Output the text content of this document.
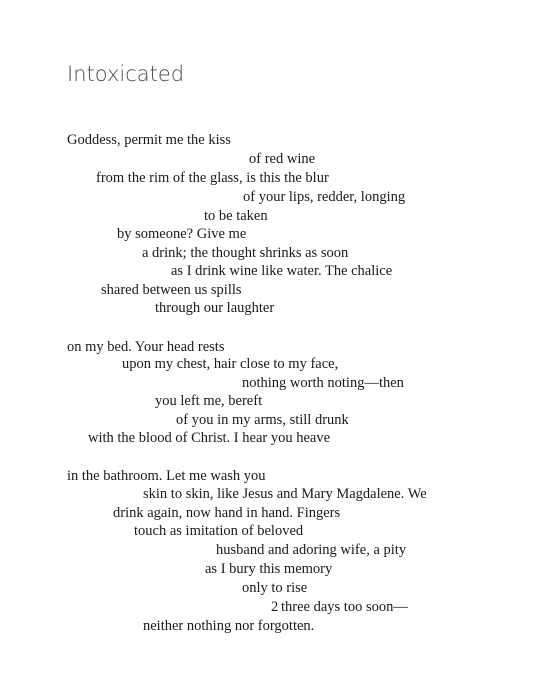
Intoxicated
Goddess, permit me the kiss
of red wine
from the rim of the glass, is this the blur
of your lips, redder, longing
to be taken
by someone? Give me
a drink; the thought shrinks as soon
as I drink wine like water. The chalice
shared between us spills
through our laughter
on my bed. Your head rests
upon my chest, hair close to my face,
nothing worth noting—then
you left me, bereft
of you in my arms, still drunk
with the blood of Christ. I hear you heave
in the bathroom. Let me wash you
skin to skin, like Jesus and Mary Magdalene. We
drink again, now hand in hand. Fingers
touch as imitation of beloved
husband and adoring wife, a pity
as I bury this memory
only to rise
three days too soon—
neither nothing nor forgotten.
2
